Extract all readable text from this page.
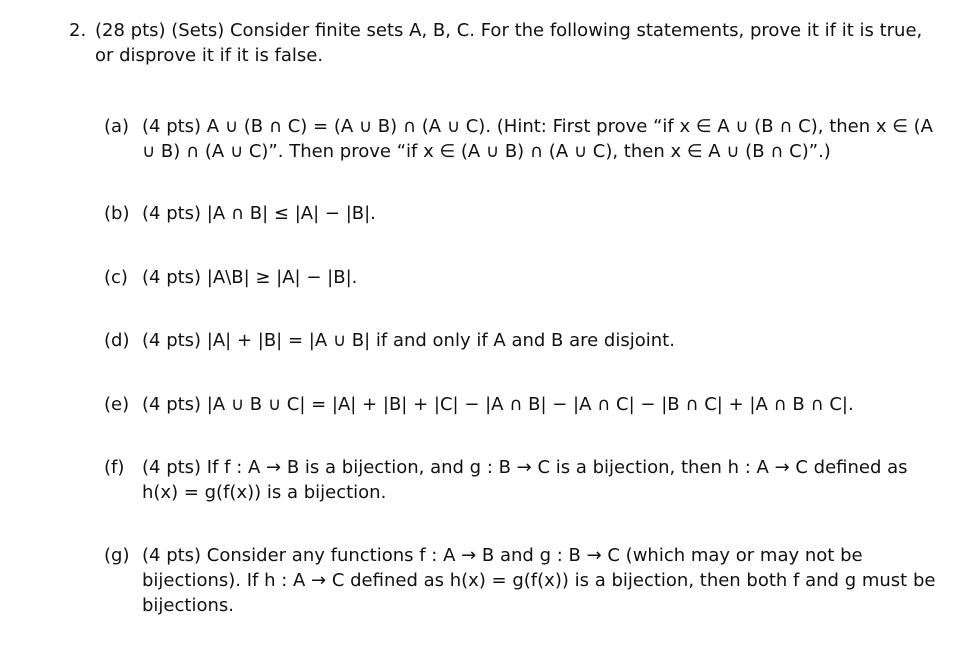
2. (28 pts) (Sets) Consider finite sets A, B, C. For the following statements, prove it if it is true, or disprove it if it is false.
(a) (4 pts) A ∪ (B ∩ C) = (A ∪ B) ∩ (A ∪ C). (Hint: First prove “if x ∈ A ∪ (B ∩ C), then x ∈ (A ∪ B) ∩ (A ∪ C)”. Then prove “if x ∈ (A ∪ B) ∩ (A ∪ C), then x ∈ A ∪ (B ∩ C)”.)
(b) (4 pts) |A ∩ B| ≤ |A| − |B|.
(c) (4 pts) |A\B| ≥ |A| − |B|.
(d) (4 pts) |A| + |B| = |A ∪ B| if and only if A and B are disjoint.
(e) (4 pts) |A ∪ B ∪ C| = |A| + |B| + |C| − |A ∩ B| − |A ∩ C| − |B ∩ C| + |A ∩ B ∩ C|.
(f) (4 pts) If f : A → B is a bijection, and g : B → C is a bijection, then h : A → C defined as h(x) = g(f(x)) is a bijection.
(g) (4 pts) Consider any functions f : A → B and g : B → C (which may or may not be bijections). If h : A → C defined as h(x) = g(f(x)) is a bijection, then both f and g must be bijections.
